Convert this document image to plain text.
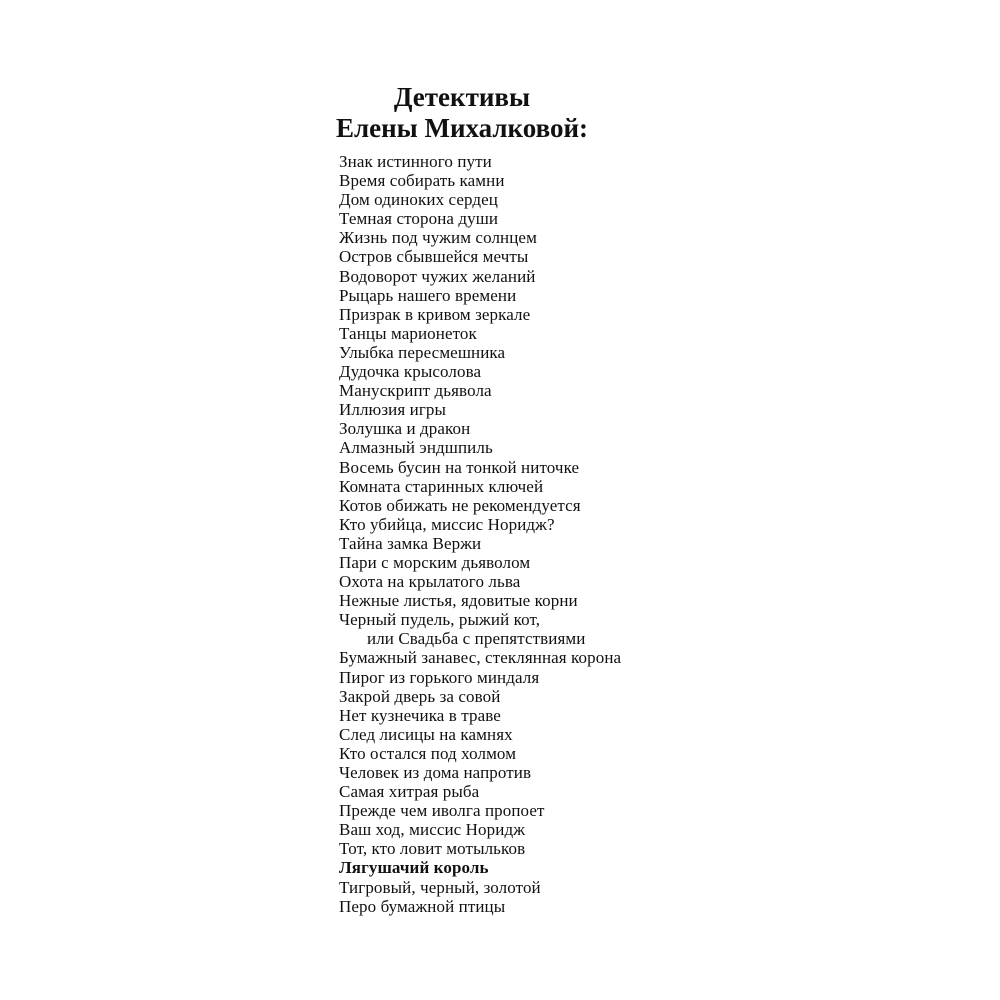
Детективы
Елены Михалковой:
Знак истинного пути
Время собирать камни
Дом одиноких сердец
Темная сторона души
Жизнь под чужим солнцем
Остров сбывшейся мечты
Водоворот чужих желаний
Рыцарь нашего времени
Призрак в кривом зеркале
Танцы марионеток
Улыбка пересмешника
Дудочка крысолова
Манускрипт дьявола
Иллюзия игры
Золушка и дракон
Алмазный эндшпиль
Восемь бусин на тонкой ниточке
Комната старинных ключей
Котов обижать не рекомендуется
Кто убийца, миссис Норидж?
Тайна замка Вержи
Пари с морским дьяволом
Охота на крылатого льва
Нежные листья, ядовитые корни
Черный пудель, рыжий кот,
или Свадьба с препятствиями
Бумажный занавес, стеклянная корона
Пирог из горького миндаля
Закрой дверь за совой
Нет кузнечика в траве
След лисицы на камнях
Кто остался под холмом
Человек из дома напротив
Самая хитрая рыба
Прежде чем иволга пропоет
Ваш ход, миссис Норидж
Тот, кто ловит мотыльков
Лягушачий король
Тигровый, черный, золотой
Перо бумажной птицы
